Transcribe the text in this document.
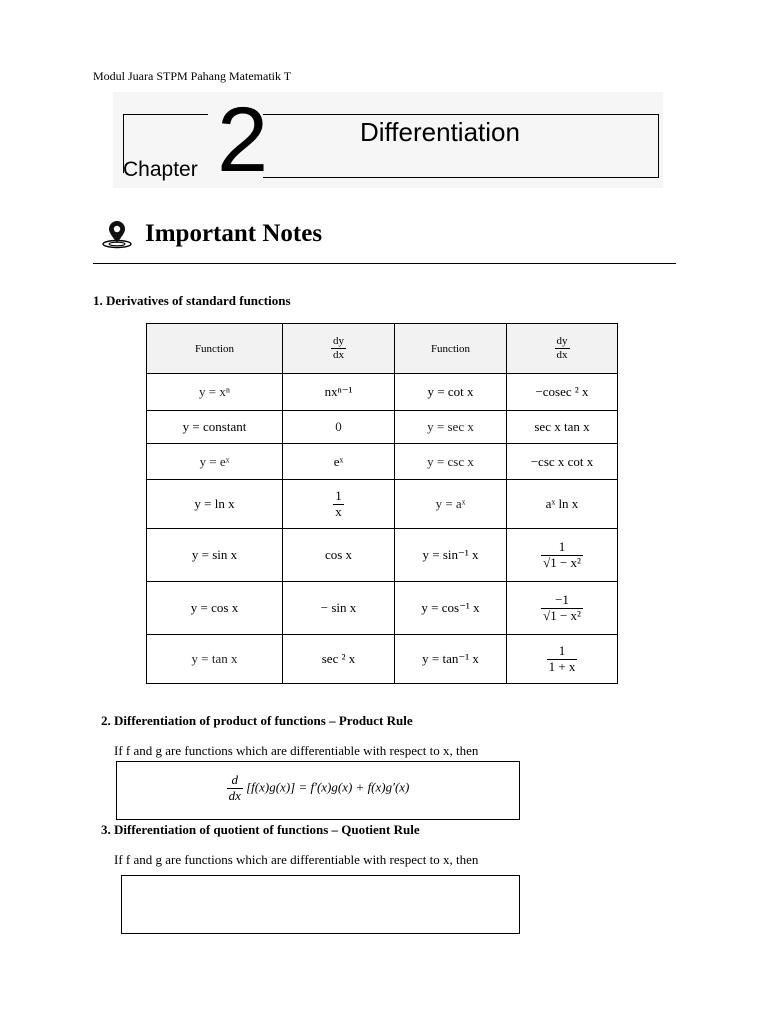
Modul Juara STPM Pahang Matematik T
Chapter 2	Differentiation
Important Notes
1. Derivatives of standard functions
Function	$\frac{dy}{dx}$	Function	$\frac{dy}{dx}$

y = xⁿ	nxⁿ⁻¹	y = cot x	−cosec ² x
y = constant	0	y = sec x	sec x tan x
y = eˣ	eˣ	y = csc x	−csc x cot x
y = ln x	$\frac{1}{x}$	y = aˣ	aˣ ln x
y = sin x	cos x	y = sin⁻¹ x	$\frac{1}{\text{√1 − x²}}$

y = cos x	− sin x	y = cos⁻¹ x	$\frac{-1}{\text{√1 − x²}}$

y = tan x	sec ² x	y = tan⁻¹ x	$\frac{1}{1 + x}$
2. Differentiation of product of functions – Product Rule
If f and g are functions which are differentiable with respect to x, then
$\frac{d}{dx} [f(x)g(x)] = f'(x)g(x) + f(x)g'(x)$
3. Differentiation of quotient of functions – Quotient Rule
If f and g are functions which are differentiable with respect to x, then
